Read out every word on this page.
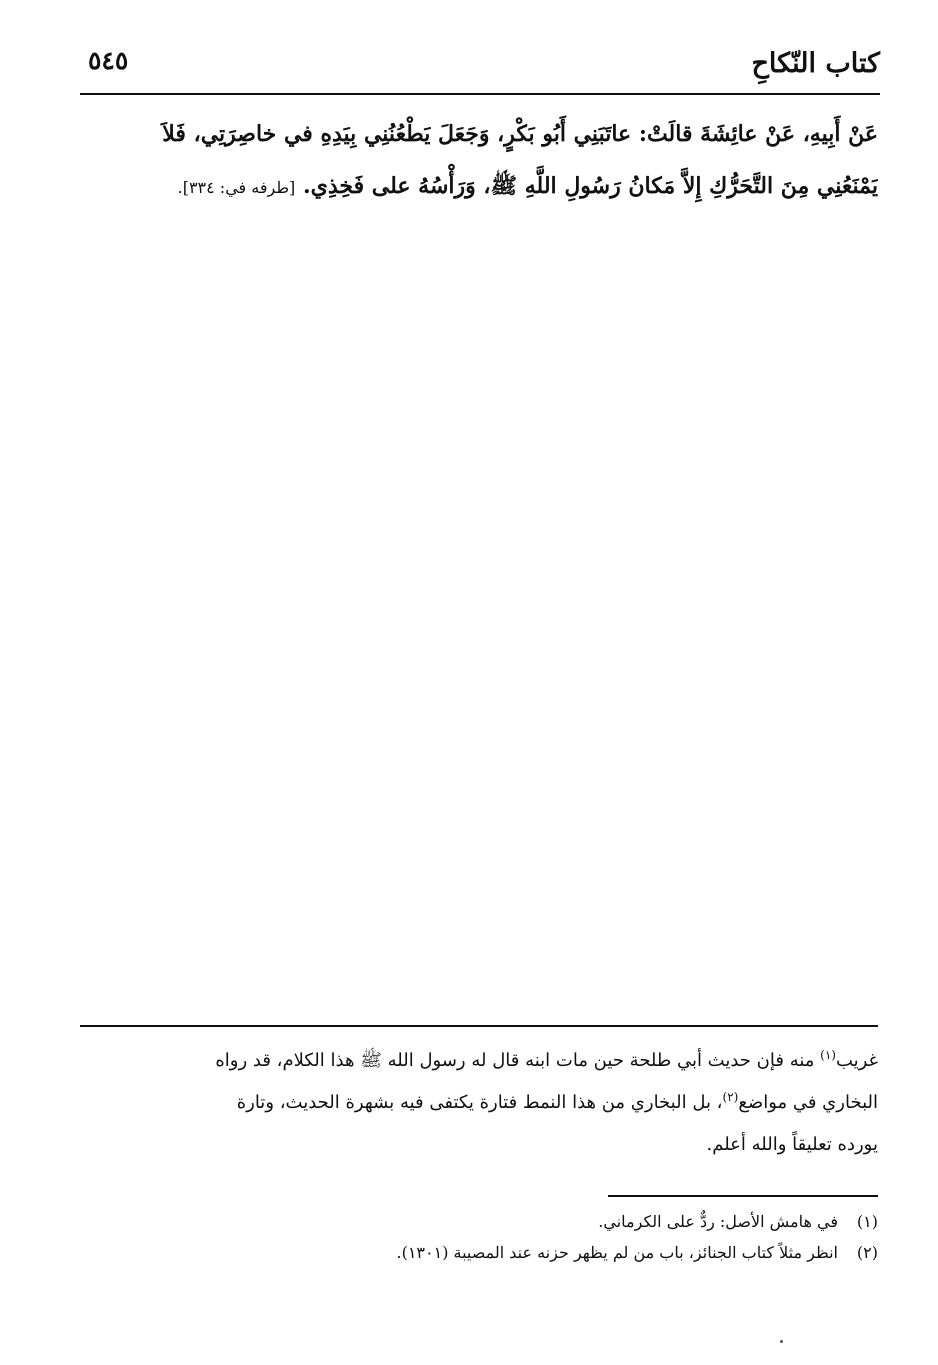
كتاب النّكاحِ
٥٤٥
عَنْ أَبِيهِ، عَنْ عائِشَةَ قالَتْ: عاتَبَنِي أَبُو بَكْرٍ، وَجَعَلَ يَطْعُنُنِي بِيَدِهِ في خاصِرَتِي، فَلاَ
يَمْنَعُنِي مِنَ التَّحَرُّكِ إِلاَّ مَكانُ رَسُولِ اللَّهِ ﷺ، وَرَأْسُهُ على فَخِذِي. [طرفه في: ٣٣٤].
غريب$^{(١)}$ منه فإن حديث أبي طلحة حين مات ابنه قال له رسول الله ﷺ هذا الكلام، قد رواه
البخاري في مواضع$^{(٢)}$، بل البخاري من هذا النمط فتارة يكتفى فيه بشهرة الحديث، وتارة
يورده تعليقاً والله أعلم.
(١)
في هامش الأصل: ردٌّ على الكرماني.
(٢)
انظر مثلاً كتاب الجنائز، باب من لم يظهر حزنه عند المصيبة (١٣٠١).
